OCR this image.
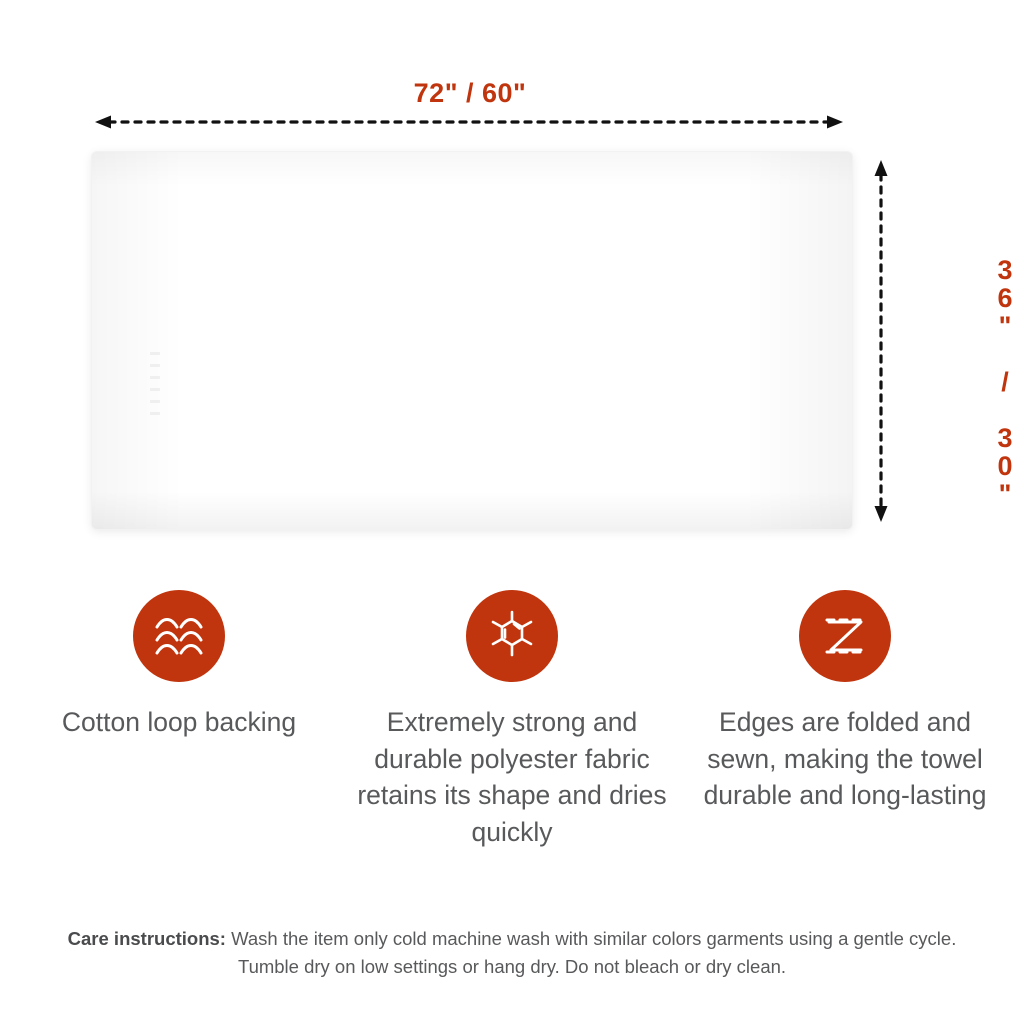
72" / 60"
36" / 30"
Cotton loop backing	Extremely strong and durable polyester fabric retains its shape and dries quickly
Edges are folded and sewn, making the towel durable and long-lasting
Care instructions: Wash the item only cold machine wash with similar colors garments using a gentle cycle. Tumble dry on low settings or hang dry. Do not bleach or dry clean.
